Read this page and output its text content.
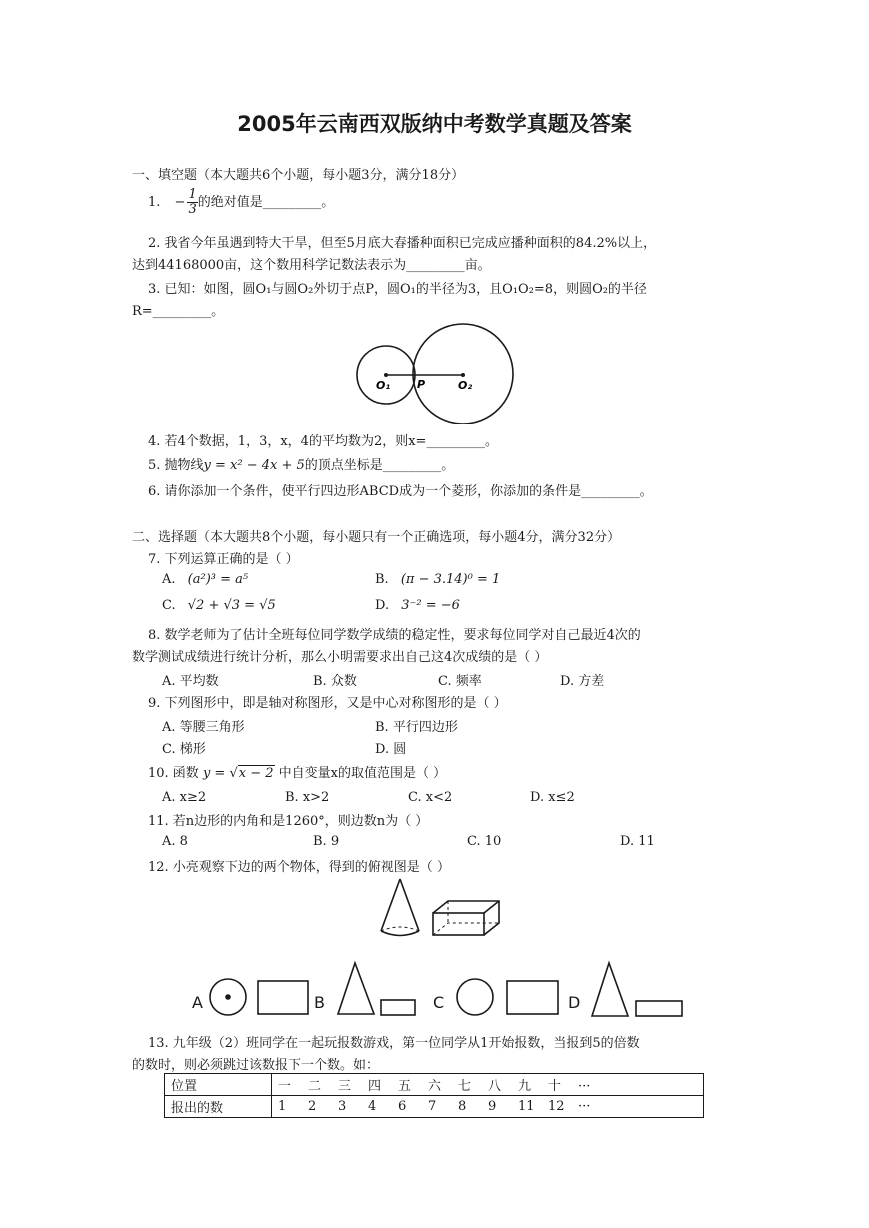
2005年云南西双版纳中考数学真题及答案
一、填空题（本大题共6个小题，每小题3分，满分18分）
1. − $\frac{1}{3}$ 的绝对值是_________。
2. 我省今年虽遇到特大干旱，但至5月底大春播种面积已完成应播种面积的84.2%以上，
达到44168000亩，这个数用科学记数法表示为_________亩。
3. 已知：如图，圆O₁与圆O₂外切于点P，圆O₁的半径为3，且O₁O₂=8，则圆O₂的半径
R=_________。
O₁ P	O₂
4. 若4个数据，1，3，x，4的平均数为2，则x=_________。
5. 抛物线y = x² − 4x + 5的顶点坐标是_________。
6. 请你添加一个条件，使平行四边形ABCD成为一个菱形，你添加的条件是_________。
二、选择题（本大题共8个小题，每小题只有一个正确选项，每小题4分，满分32分）
7. 下列运算正确的是（ ）
A. (a²)³ = a⁵	B. (π − 3.14)⁰ = 1
C. √2 + √3 = √5	D. 3⁻² = −6
8. 数学老师为了估计全班每位同学数学成绩的稳定性，要求每位同学对自己最近4次的
数学测试成绩进行统计分析，那么小明需要求出自己这4次成绩的是（ ）
A. 平均数	B. 众数	C. 频率	D. 方差
9. 下列图形中，即是轴对称图形，又是中心对称图形的是（ ）
A. 等腰三角形	B. 平行四边形
C. 梯形	D. 圆
10. 函数 y = √x − 2 中自变量x的取值范围是（ ）
A. x≥2	B. x>2	C. x<2	D. x≤2
11. 若n边形的内角和是1260°，则边数n为（ ）
A. 8	B. 9	C. 10	D. 11
12. 小亮观察下边的两个物体，得到的俯视图是（ ）
A	B	C	D
13. 九年级（2）班同学在一起玩报数游戏，第一位同学从1开始报数，当报到5的倍数
的数时，则必须跳过该数报下一个数。如：
位置	一 二 三 四 五 六 七 八 九 十 ···
报出的数	1 2 3 4 6 7 8 9 11 12 ···
